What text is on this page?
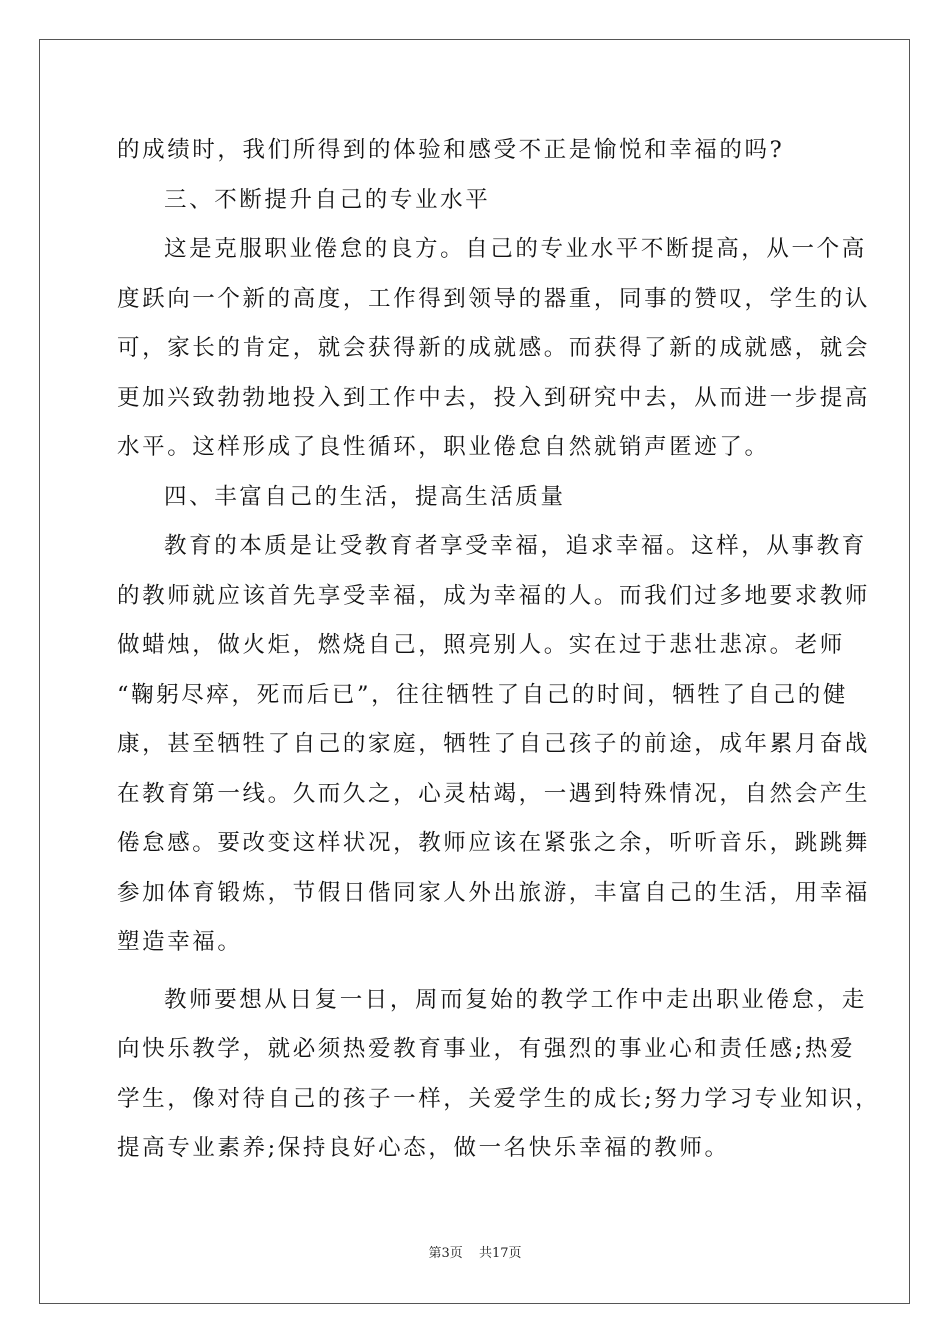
的成绩时，我们所得到的体验和感受不正是愉悦和幸福的吗?
三、不断提升自己的专业水平
这是克服职业倦怠的良方。自己的专业水平不断提高，从一个高
度跃向一个新的高度，工作得到领导的器重，同事的赞叹，学生的认
可，家长的肯定，就会获得新的成就感。而获得了新的成就感，就会
更加兴致勃勃地投入到工作中去，投入到研究中去，从而进一步提高
水平。这样形成了良性循环，职业倦怠自然就销声匿迹了。
四、丰富自己的生活，提高生活质量
教育的本质是让受教育者享受幸福，追求幸福。这样，从事教育
的教师就应该首先享受幸福，成为幸福的人。而我们过多地要求教师
做蜡烛，做火炬，燃烧自己，照亮别人。实在过于悲壮悲凉。老师
“鞠躬尽瘁，死而后已”，往往牺牲了自己的时间，牺牲了自己的健
康，甚至牺牲了自己的家庭，牺牲了自己孩子的前途，成年累月奋战
在教育第一线。久而久之，心灵枯竭，一遇到特殊情况，自然会产生
倦怠感。要改变这样状况，教师应该在紧张之余，听听音乐，跳跳舞
参加体育锻炼，节假日偕同家人外出旅游，丰富自己的生活，用幸福
塑造幸福。
教师要想从日复一日，周而复始的教学工作中走出职业倦怠，走
向快乐教学，就必须热爱教育事业，有强烈的事业心和责任感;热爱
学生，像对待自己的孩子一样，关爱学生的成长;努力学习专业知识，
提高专业素养;保持良好心态，做一名快乐幸福的教师。
第3页 共17页
